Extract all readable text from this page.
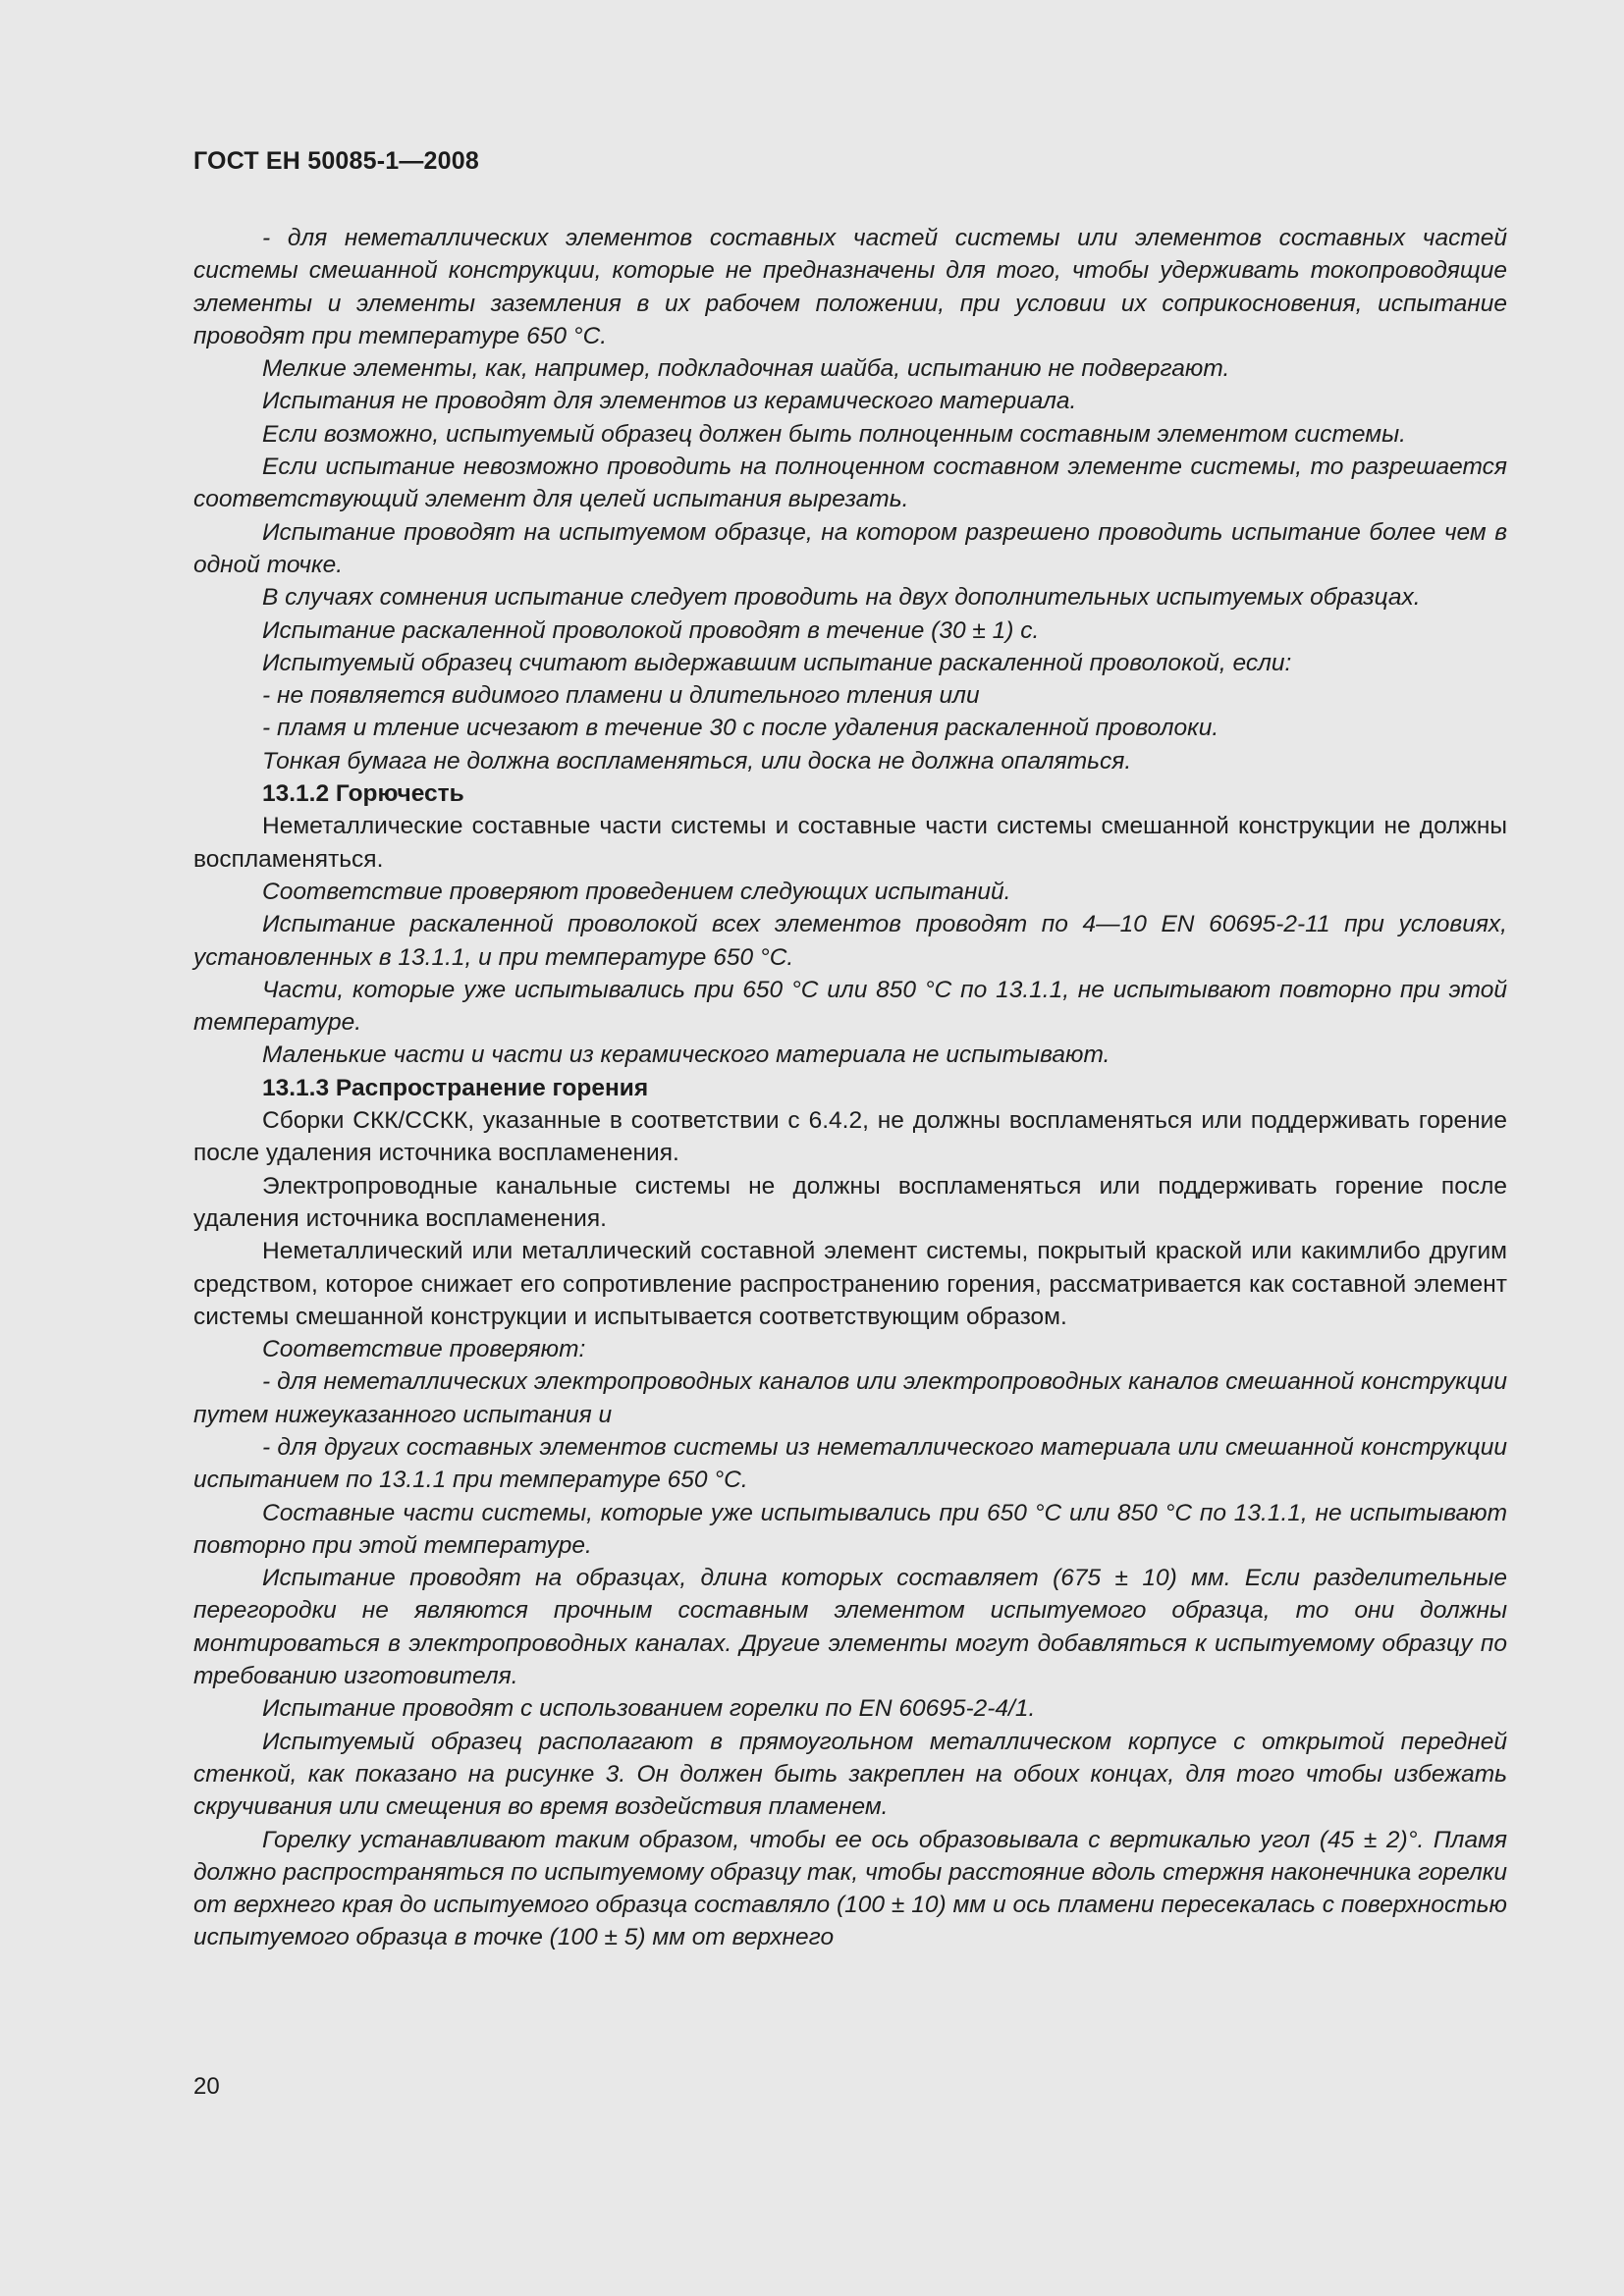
ГОСТ ЕН 50085-1—2008

- для неметаллических элементов составных частей системы или элементов составных частей системы смешанной конструкции, которые не предназначены для того, чтобы удерживать токопроводящие элементы и элементы заземления в их рабочем положении, при условии их соприкосновения, испытание проводят при температуре 650 °С.

Мелкие элементы, как, например, подкладочная шайба, испытанию не подвергают.

Испытания не проводят для элементов из керамического материала.

Если возможно, испытуемый образец должен быть полноценным составным элементом системы.

Если испытание невозможно проводить на полноценном составном элементе системы, то разрешается соответствующий элемент для целей испытания вырезать.

Испытание проводят на испытуемом образце, на котором разрешено проводить испытание более чем в одной точке.

В случаях сомнения испытание следует проводить на двух дополнительных испытуемых образцах.

Испытание раскаленной проволокой проводят в течение (30 ± 1) с.

Испытуемый образец считают выдержавшим испытание раскаленной проволокой, если:

- не появляется видимого пламени и длительного тления или

- пламя и тление исчезают в течение 30 с после удаления раскаленной проволоки.

Тонкая бумага не должна воспламеняться, или доска не должна опаляться.

13.1.2 Горючесть

Неметаллические составные части системы и составные части системы смешанной конструкции не должны воспламеняться.

Соответствие проверяют проведением следующих испытаний.

Испытание раскаленной проволокой всех элементов проводят по 4—10 EN 60695-2-11 при условиях, установленных в 13.1.1, и при температуре 650 °С.

Части, которые уже испытывались при 650 °С или 850 °С по 13.1.1, не испытывают повторно при этой температуре.

Маленькие части и части из керамического материала не испытывают.

13.1.3 Распространение горения

Сборки СКК/ССКК, указанные в соответствии с 6.4.2, не должны воспламеняться или поддерживать горение после удаления источника воспламенения.

Электропроводные канальные системы не должны воспламеняться или поддерживать горение после удаления источника воспламенения.

Неметаллический или металлический составной элемент системы, покрытый краской или какимлибо другим средством, которое снижает его сопротивление распространению горения, рассматривается как составной элемент системы смешанной конструкции и испытывается соответствующим образом.

Соответствие проверяют:

- для неметаллических электропроводных каналов или электропроводных каналов смешанной конструкции путем нижеуказанного испытания и

- для других составных элементов системы из неметаллического материала или смешанной конструкции испытанием по 13.1.1 при температуре 650 °С.

Составные части системы, которые уже испытывались при 650 °С или 850 °С по 13.1.1, не испытывают повторно при этой температуре.

Испытание проводят на образцах, длина которых составляет (675 ± 10) мм. Если разделительные перегородки не являются прочным составным элементом испытуемого образца, то они должны монтироваться в электропроводных каналах. Другие элементы могут добавляться к испытуемому образцу по требованию изготовителя.

Испытание проводят с использованием горелки по EN 60695-2-4/1.

Испытуемый образец располагают в прямоугольном металлическом корпусе с открытой передней стенкой, как показано на рисунке 3. Он должен быть закреплен на обоих концах, для того чтобы избежать скручивания или смещения во время воздействия пламенем.

Горелку устанавливают таким образом, чтобы ее ось образовывала с вертикалью угол (45 ± 2)°. Пламя должно распространяться по испытуемому образцу так, чтобы расстояние вдоль стержня наконечника горелки от верхнего края до испытуемого образца составляло (100 ± 10) мм и ось пламени пересекалась с поверхностью испытуемого образца в точке (100 ± 5) мм от верхнего

20
